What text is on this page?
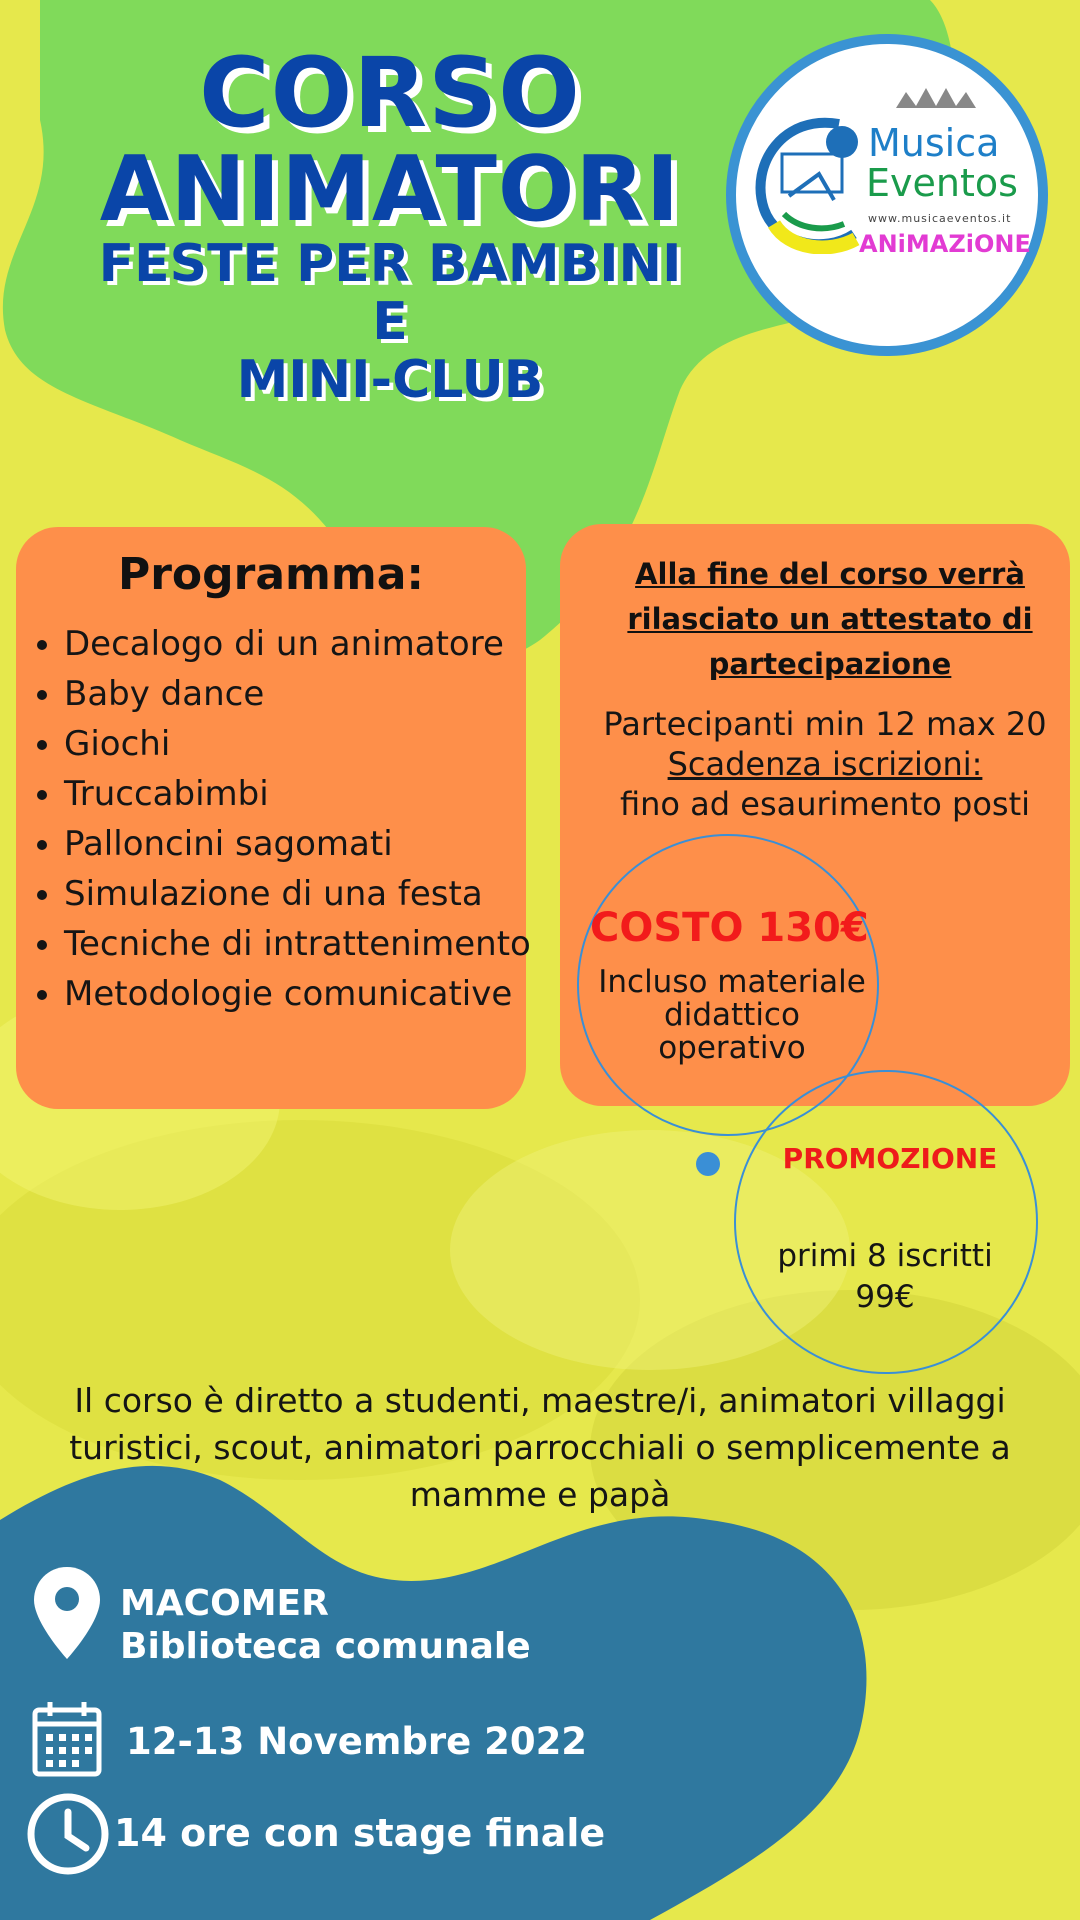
CORSO
ANIMATORI
FESTE PER BAMBINI
E
MINI-CLUB
Musica
Eventos
www.musicaeventos.it
ANiMAZiONE
Programma:
• Decalogo di un animatore
• Baby dance
• Giochi
• Truccabimbi
• Palloncini sagomati
• Simulazione di una festa
• Tecniche di intrattenimento
• Metodologie comunicative
Alla fine del corso verrà rilasciato un attestato di partecipazione
Partecipanti min 12 max 20
Scadenza iscrizioni:
fino ad esaurimento posti
COSTO 130€
Incluso materiale
didattico
operativo
PROMOZIONE
primi 8 iscritti
99€
Il corso è diretto a studenti, maestre/i, animatori villaggi turistici, scout, animatori parrocchiali o semplicemente a mamme e papà
MACOMER
Biblioteca comunale
12-13 Novembre 2022
14 ore con stage finale
